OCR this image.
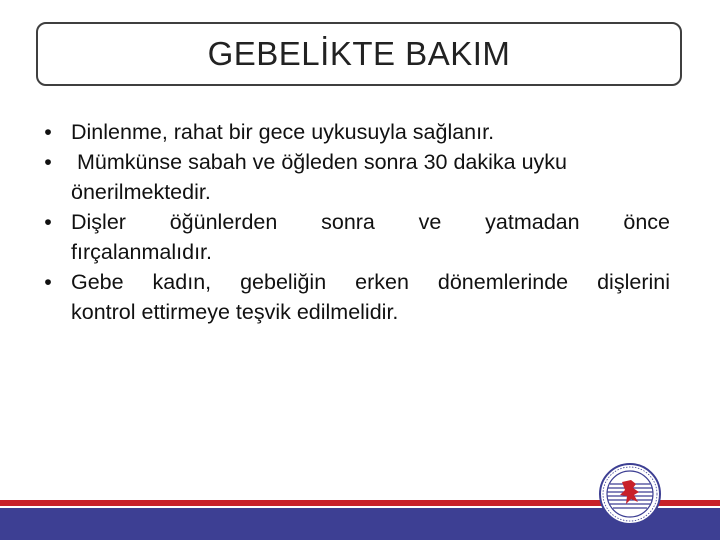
GEBELİKTE BAKIM
• Dinlenme, rahat bir gece uykusuyla sağlanır.
• Mümkünse sabah ve öğleden sonra 30 dakika uyku
önerilmektedir.
• Dişler öğünlerden sonra ve yatmadan önce
fırçalanmalıdır.
• Gebe kadın, gebeliğin erken dönemlerinde dişlerini
kontrol ettirmeye teşvik edilmelidir.
